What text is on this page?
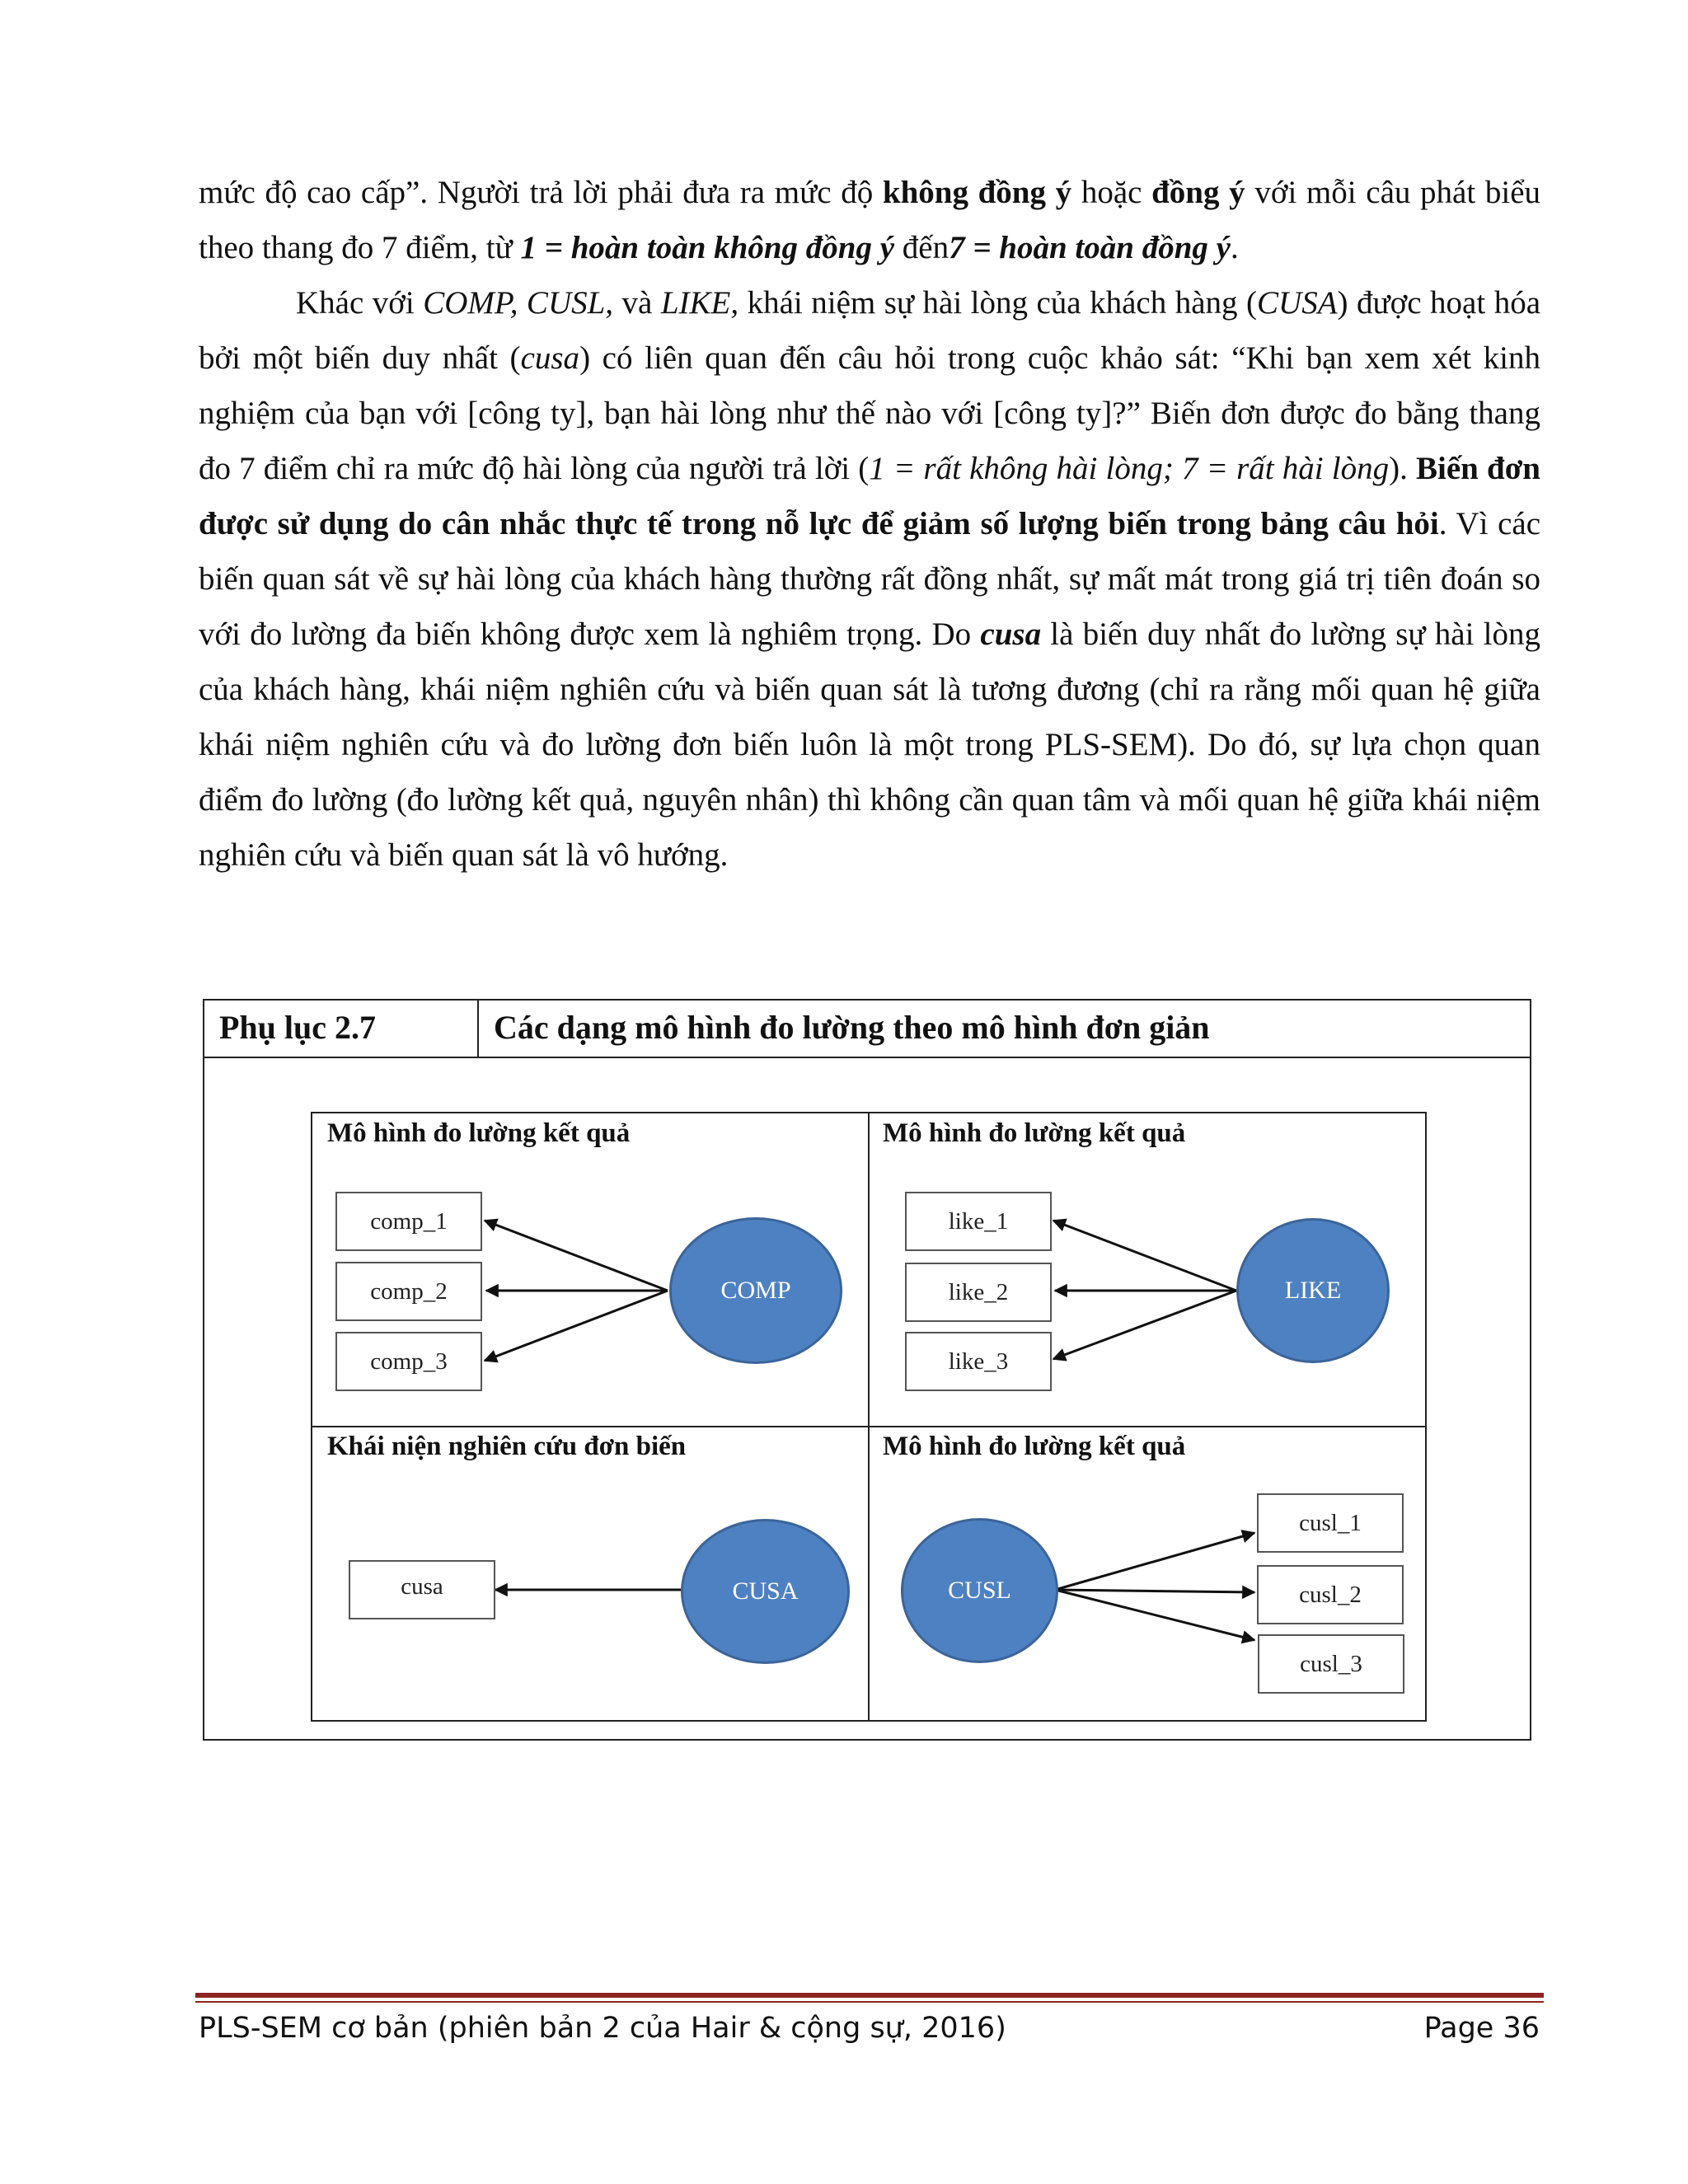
mức độ cao cấp”. Người trả lời phải đưa ra mức độ không đồng ý hoặc đồng ý với mỗi câu phát biểu theo thang đo 7 điểm, từ 1 = hoàn toàn không đồng ý đến7 = hoàn toàn đồng ý.

Khác với COMP, CUSL, và LIKE, khái niệm sự hài lòng của khách hàng (CUSA) được hoạt hóa bởi một biến duy nhất (cusa) có liên quan đến câu hỏi trong cuộc khảo sát: “Khi bạn xem xét kinh nghiệm của bạn với [công ty], bạn hài lòng như thế nào với [công ty]?” Biến đơn được đo bằng thang đo 7 điểm chỉ ra mức độ hài lòng của người trả lời (1 = rất không hài lòng; 7 = rất hài lòng). Biến đơn được sử dụng do cân nhắc thực tế trong nỗ lực để giảm số lượng biến trong bảng câu hỏi. Vì các biến quan sát về sự hài lòng của khách hàng thường rất đồng nhất, sự mất mát trong giá trị tiên đoán so với đo lường đa biến không được xem là nghiêm trọng. Do cusa là biến duy nhất đo lường sự hài lòng của khách hàng, khái niệm nghiên cứu và biến quan sát là tương đương (chỉ ra rằng mối quan hệ giữa khái niệm nghiên cứu và đo lường đơn biến luôn là một trong PLS-SEM). Do đó, sự lựa chọn quan điểm đo lường (đo lường kết quả, nguyên nhân) thì không cần quan tâm và mối quan hệ giữa khái niệm nghiên cứu và biến quan sát là vô hướng.

Phụ lục 2.7	Các dạng mô hình đo lường theo mô hình đơn giản
Mô hình đo lường kết quả	Mô hình đo lường kết quả
Khái niện nghiên cứu đơn biến	Mô hình đo lường kết quả
comp_1
comp_2
comp_3
COMP
like_1
like_2
like_3
LIKE
cusa	CUSA	CUSL
cusl_1
cusl_2
cusl_3
PLS-SEM cơ bản (phiên bản 2 của Hair & cộng sự, 2016)	Page 36
